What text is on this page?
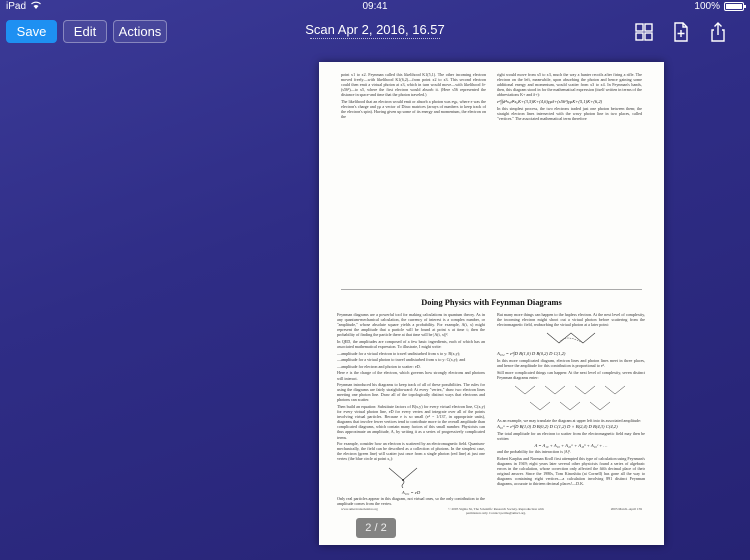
iPad	09:41	100%
Save	Edit	Actions	Scan Apr 2, 2016, 16.57

point x1 to x2. Feynman called this likelihood K1(5,1). The other incoming electron moved freely—with likelihood K1(6,2)—from point x2 to x3. This second electron could then emit a virtual photon at x3, which in turn would move—with likelihood δ+(s56²)—to x5, where the first electron would absorb it. (Here s56 represented the distance in space-and time that the photon traveled.)

The likelihood that an electron would emit or absorb a photon was eγμ, where e was the electron's charge and γμ a vector of Dirac matrices (arrays of numbers to keep track of the electron's spin). Having given up some of its energy and momentum, the electron on the

right would move from x5 to x3, much the way a hunter recoils after firing a rifle. The electron on the left, meanwhile, upon absorbing the photon and hence gaining some additional energy and momentum, would scatter from x3 to x4. In Feynman's hands, then, this diagram stood in for the mathematical expression (itself written in terms of the abbreviations K+ and δ+):

e²∫∫d⁴x₅d⁴x₆K+(3,5)K+(4,6)γμδ+(s56²)γμK+(5,1)K+(6,2)

In this simplest process, the two electrons traded just one photon between them; the straight electron lines intersected with the wavy photon line in two places, called "vertices." The associated mathematical term therefore

Doing Physics with Feynman Diagrams

Feynman diagrams are a powerful tool for making calculations in quantum theory. As in any quantum-mechanical calculation, the currency of interest is a complex number, or "amplitude," whose absolute square yields a probability. For example, A(t, x) might represent the amplitude that a particle will be found at point x at time t; then the probability of finding the particle there at that time will be |A(t, x)|².

In QED, the amplitudes are composed of a few basic ingredients, each of which has an associated mathematical expression. To illustrate, I might write:

—amplitude for a virtual electron to travel undisturbed from x to y: B(x,y);

—amplitude for a virtual photon to travel undisturbed from x to y: C(x,y); and

—amplitude for electron and photon to scatter: eD.

Here e is the charge of the electron, which governs how strongly electrons and photons will interact.

Feynman introduced his diagrams to keep track of all of these possibilities. The rules for using the diagrams are fairly straightforward: At every "vertex," draw two electron lines meeting one photon line. Draw all of the topologically distinct ways that electrons and photons can scatter.

Then build an equation: Substitute factors of B(x,y) for every virtual electron line, C(x,y) for every virtual photon line, eD for every vertex and integrate over all of the points involving virtual particles. Because e is so small (e² ~ 1/137, in appropriate units), diagrams that involve fewer vertices tend to contribute more to the overall amplitude than complicated diagrams, which contain many factors of this small number. Physicists can thus approximate an amplitude, A, by writing it as a series of progressively complicated terms.

For example, consider how an electron is scattered by an electromagnetic field. Quantum-mechanically, the field can be described as a collection of photons. In the simplest case, the electron (green line) will scatter just once from a single photon (red line) at just one vertex (the blue circle at point x₁):

A₁₀₁ = eD

Only real particles appear in this diagram, not virtual ones, so the only contribution to the amplitude comes from the vertex.

But many more things can happen to the hapless electron. At the next level of complexity, the incoming electron might shoot out a virtual photon before scattering from the electromagnetic field, reabsorbing the virtual photon at a later point:

A₁₀₂ = e³∫D B(1,0) D B(0,2) D C(1,2)

In this more complicated diagram, electron lines and photon lines meet in three places, and hence the amplitude for this contribution is proportional to e³.

Still more complicated things can happen: At the next level of complexity, seven distinct Feynman diagrams enter:

As an example, we may translate the diagram at upper left into its associated amplitude:

A₁₀ᵃ = e⁵∫D B(1,0) D B(0,2) D C(1,2) D × B(2,4) D B(4,3) C(4,2)

The total amplitude for an electron to scatter from the electromagnetic field may then be written

A = A₁₀ + A₁₀ + A₁₀ᵃ + A₁₀ᵇ + A₁₀ᶜ + …

and the probability for this interaction is |A|².

Robert Karplus and Norman Kroll first attempted this type of calculation using Feynman's diagrams in 1949; eight years later several other physicists found a series of algebraic errors in the calculation, whose correction only affected the fifth decimal place of their original answer. Since the 1980s, Tom Kinoshita (at Cornell) has gone all the way to diagrams containing eight vertices—a calculation involving 891 distinct Feynman diagrams, accurate to thirteen decimal places!—D.K.

www.americanscientist.org	© 2005 Sigma Xi, The Scientific Research Society. Reproduction with permission only. Contact perms@amsci.org.
2005 March–April 159
2 / 2
